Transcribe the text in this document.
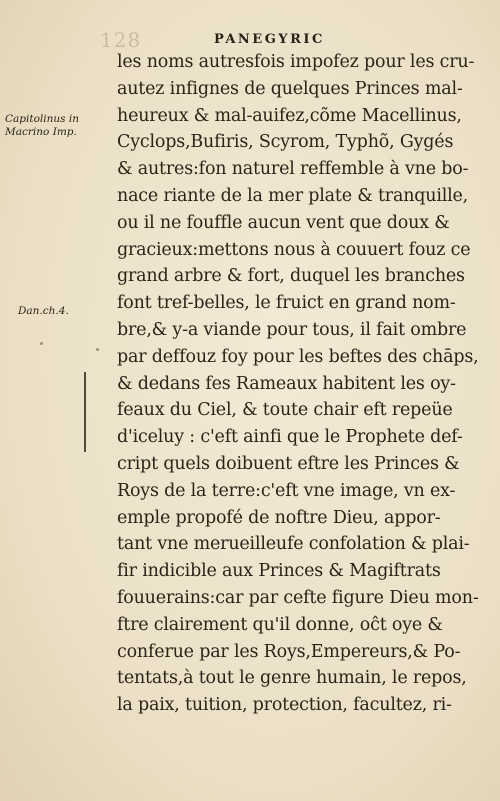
128	PANEGYRIC
Capitolinus in Macrino Imp.
Dan.ch.4.
les noms autresfois impofez pour les cru-
autez infignes de quelques Princes mal-
heureux & mal-auifez,cõme Macellinus,
Cyclops,Bufiris, Scyrom, Typhõ, Gygés
& autres:fon naturel reffemble à vne bo-
nace riante de la mer plate & tranquille,
ou il ne fouffle aucun vent que doux &
gracieux:mettons nous à couuert fouz ce
grand arbre & fort, duquel les branches
font tref-belles, le fruict en grand nom-
bre,& y-a viande pour tous, il fait ombre
par deffouz foy pour les beftes des chāps,
& dedans fes Rameaux habitent les oy-
feaux du Ciel, & toute chair eft repeüe
d'iceluy : c'eft ainfi que le Prophete def-
cript quels doibuent eftre les Princes &
Roys de la terre:c'eft vne image, vn ex-
emple propofé de noftre Dieu, appor-
tant vne merueilleufe confolation & plai-
fir indicible aux Princes & Magiftrats
fouuerains:car par cefte figure Dieu mon-
ftre clairement qu'il donne, oĉt oye &
conferue par les Roys,Empereurs,& Po-
tentats,à tout le genre humain, le repos,
la paix, tuition, protection, facultez, ri-
